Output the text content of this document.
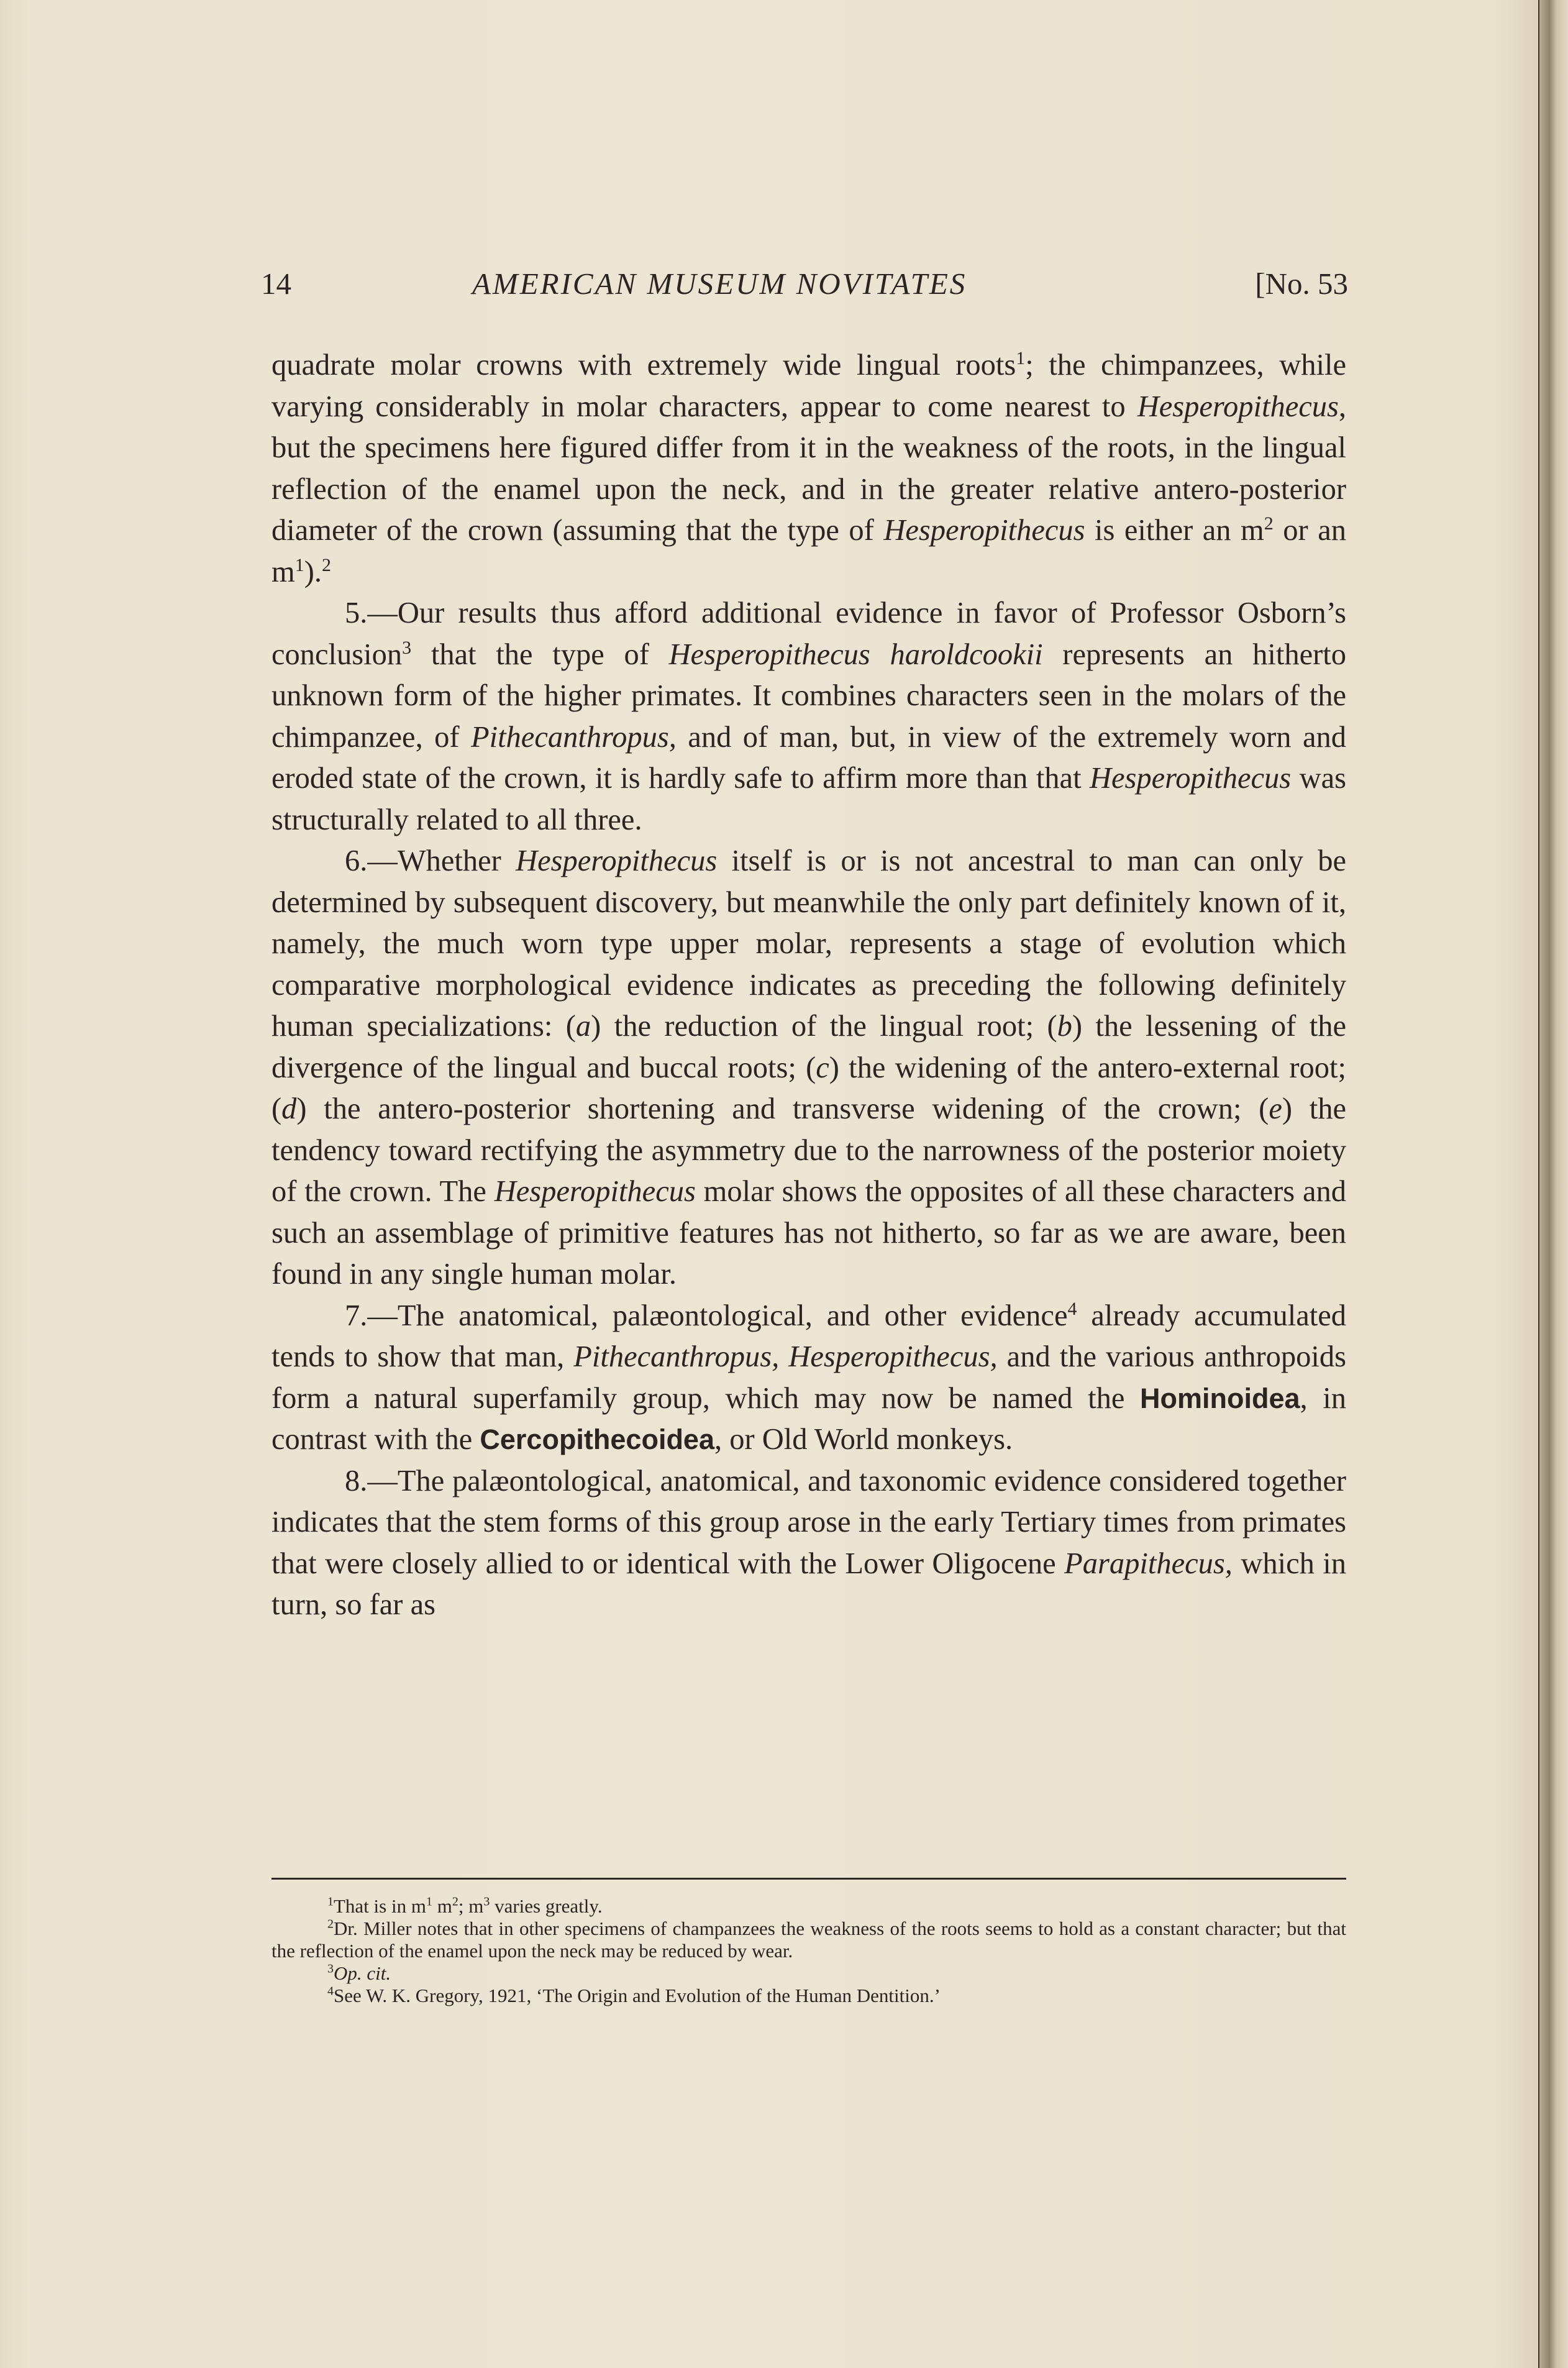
14	AMERICAN MUSEUM NOVITATES	[No. 53

quadrate molar crowns with extremely wide lingual roots$^1$; the chimpanzees, while varying considerably in molar characters, appear to come nearest to Hesperopithecus, but the specimens here figured differ from it in the weakness of the roots, in the lingual reflection of the enamel upon the neck, and in the greater relative antero-posterior diameter of the crown (assuming that the type of Hesperopithecus is either an $m^2$ or an $m^1).^2$

5.—Our results thus afford additional evidence in favor of Professor Osborn’s conclusion$^3$ that the type of Hesperopithecus haroldcookii represents an hitherto unknown form of the higher primates. It combines characters seen in the molars of the chimpanzee, of Pithecanthropus, and of man, but, in view of the extremely worn and eroded state of the crown, it is hardly safe to affirm more than that Hesperopithecus was structurally related to all three.

6.—Whether Hesperopithecus itself is or is not ancestral to man can only be determined by subsequent discovery, but meanwhile the only part definitely known of it, namely, the much worn type upper molar, represents a stage of evolution which comparative morphological evidence indicates as preceding the following definitely human specializations: (a) the reduction of the lingual root; (b) the lessening of the divergence of the lingual and buccal roots; (c) the widening of the antero-external root; (d) the antero-posterior shortening and transverse widening of the crown; (e) the tendency toward rectifying the asymmetry due to the narrowness of the posterior moiety of the crown. The Hesperopithecus molar shows the opposites of all these characters and such an assemblage of primitive features has not hitherto, so far as we are aware, been found in any single human molar.

7.—The anatomical, palæontological, and other evidence$^4$ already accumulated tends to show that man, Pithecanthropus, Hesperopithecus, and the various anthropoids form a natural superfamily group, which may now be named the Hominoidea, in contrast with the Cercopithecoidea, or Old World monkeys.

8.—The palæontological, anatomical, and taxonomic evidence considered together indicates that the stem forms of this group arose in the early Tertiary times from primates that were closely allied to or identical with the Lower Oligocene Parapithecus, which in turn, so far as

$^1$That is in $m^1$ $m^2$; $m^3$ varies greatly.

$^2$Dr. Miller notes that in other specimens of champanzees the weakness of the roots seems to hold as a constant character; but that the reflection of the enamel upon the neck may be reduced by wear.

$^3$Op. cit.

$^4$See W. K. Gregory, 1921, ‘The Origin and Evolution of the Human Dentition.’
